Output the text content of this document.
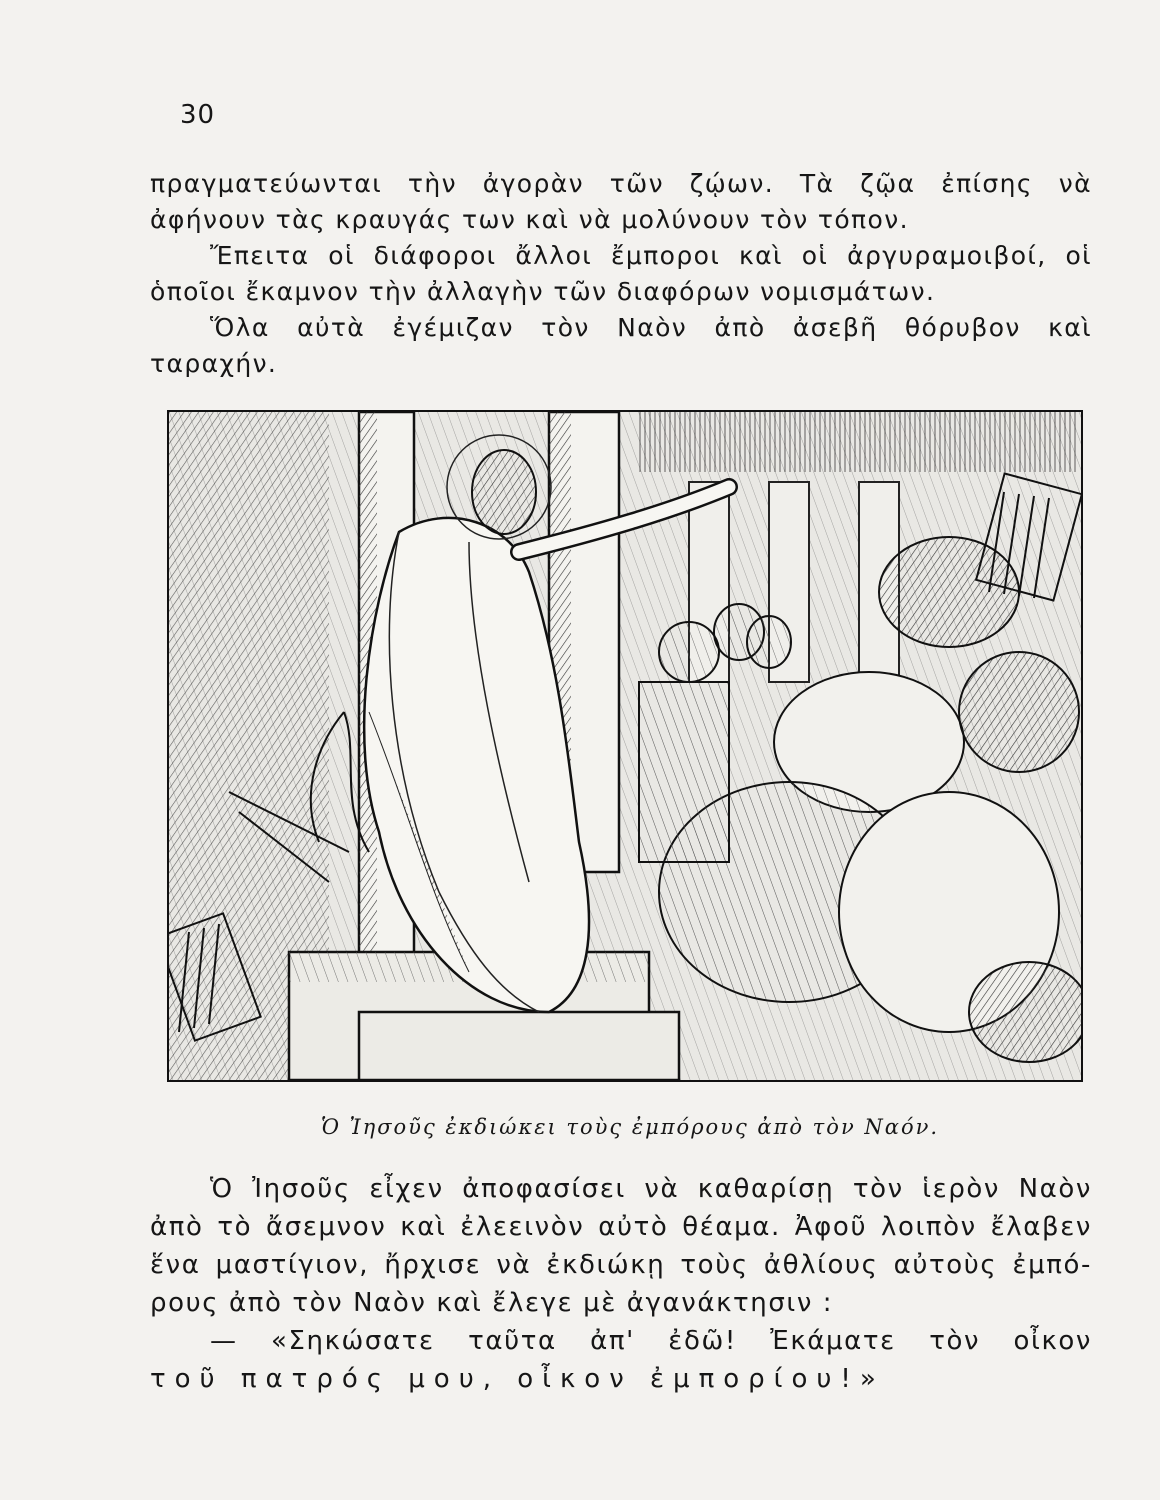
30

πραγματεύωνται τὴν ἀγορὰν τῶν ζῴων. Τὰ ζῷα ἐπίσης νὰ

ἀφήνουν τὰς κραυγάς των καὶ νὰ μολύνουν τὸν τόπον.

Ἔπειτα οἱ διάφοροι ἄλλοι ἔμποροι καὶ οἱ ἀργυραμοιβοί, οἱ

ὁποῖοι ἔκαμνον τὴν ἀλλαγὴν τῶν διαφόρων νομισμάτων.

Ὅλα αὐτὰ ἐγέμιζαν τὸν Ναὸν ἀπὸ ἀσεβῆ θόρυβον καὶ

ταραχήν.

Ὁ Ἰησοῦς ἐκδιώκει τοὺς ἐμπόρους ἀπὸ τὸν Ναόν.

Ὁ Ἰησοῦς εἶχεν ἀποφασίσει νὰ καθαρίσῃ τὸν ἱερὸν Ναὸν

ἀπὸ τὸ ἄσεμνον καὶ ἐλεεινὸν αὐτὸ θέαμα. Ἀφοῦ λοιπὸν ἔλαβεν

ἕνα μαστίγιον, ἤρχισε νὰ ἐκδιώκῃ τοὺς ἀθλίους αὐτοὺς ἐμπό-

ρους ἀπὸ τὸν Ναὸν καὶ ἔλεγε μὲ ἀγανάκτησιν :

— «Σηκώσατε ταῦτα ἀπ' ἐδῶ! Ἐκάματε τὸν οἶκον

τοῦ πατρός μου, οἶκον ἐμπορίου!»
